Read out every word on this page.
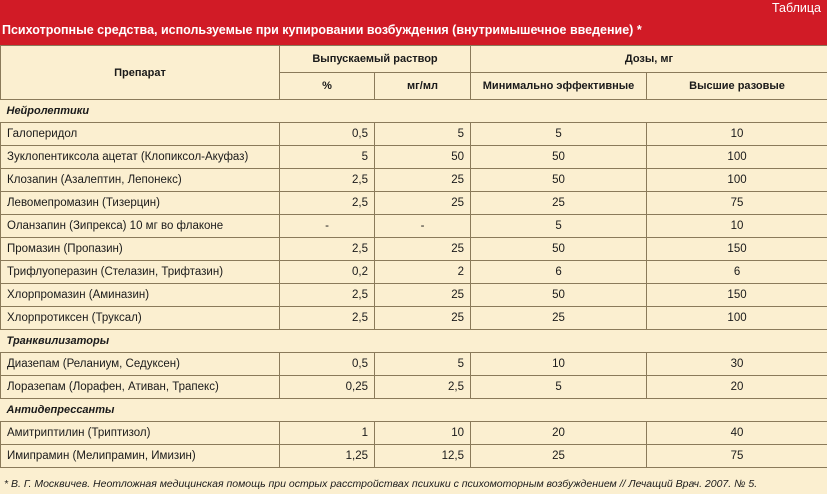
Таблица
Психотропные средства, используемые при купировании возбуждения (внутримышечное введение) *
Препарат	Выпускаемый раствор		Дозы, мг	
	%	мг/мл	Минимально эффективные	Высшие разовые
Нейролептики				
Галоперидол	0,5	5	5	10
Зуклопентиксола ацетат (Клопиксол-Акуфаз)	5	50	50	100
Клозапин (Азалептин, Лепонекс)	2,5	25	50	100
Левомепромазин (Тизерцин)	2,5	25	25	75
Оланзапин (Зипрекса) 10 мг во флаконе	-	-	5	10
Промазин (Пропазин)	2,5	25	50	150
Трифлуоперазин (Стелазин, Трифтазин)	0,2	2	6	6
Хлорпромазин (Аминазин)	2,5	25	50	150
Хлорпротиксен (Труксал)	2,5	25	25	100
Транквилизаторы				
Диазепам (Реланиум, Седуксен)	0,5	5	10	30
Лоразепам (Лорафен, Ативан, Трапекс)	0,25	2,5	5	20
Антидепрессанты				
Амитриптилин (Триптизол)	1	10	20	40
Имипрамин (Мелипрамин, Имизин)	1,25	12,5	25	75
* В. Г. Москвичев. Неотложная медицинская помощь при острых расстройствах психики с психомоторным возбуждением // Лечащий Врач. 2007. № 5.
